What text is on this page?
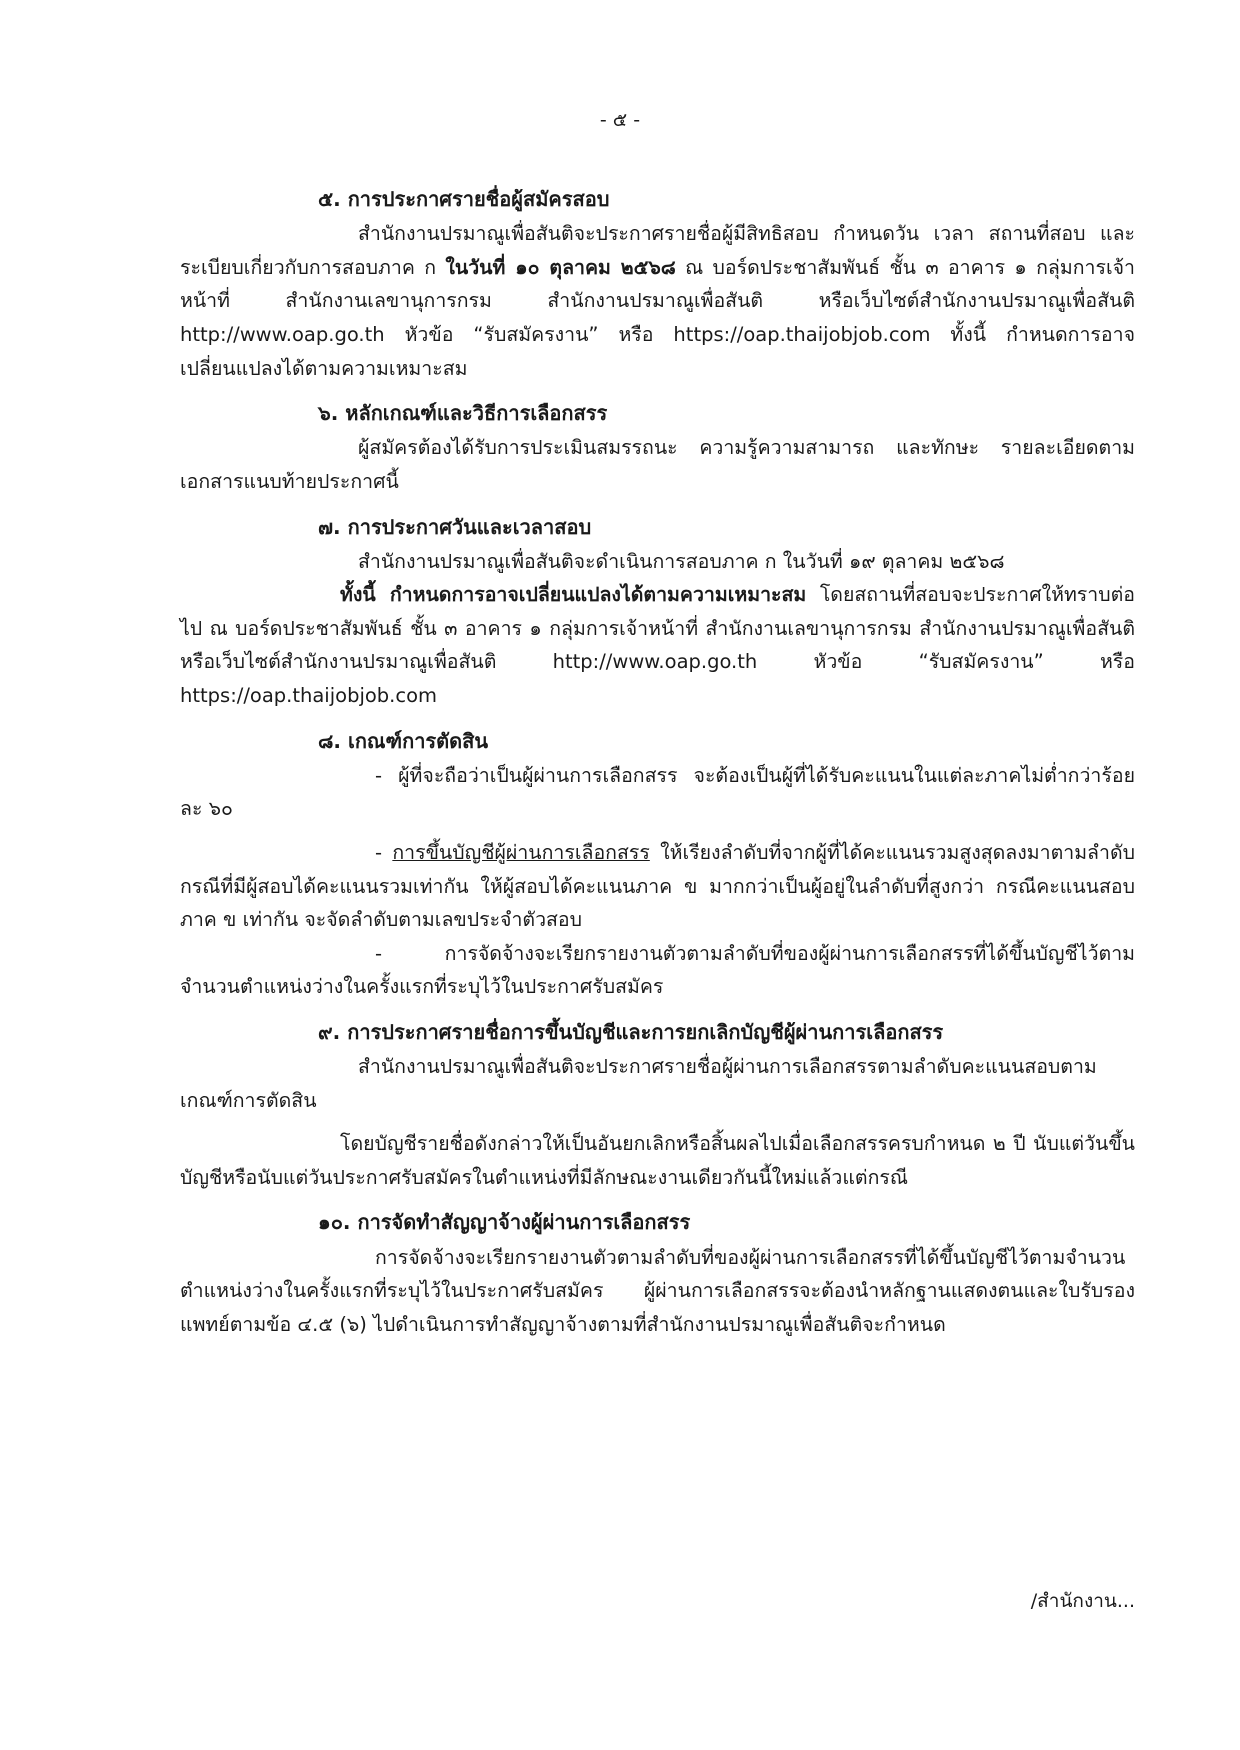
- ๕ -
๕. การประกาศรายชื่อผู้สมัครสอบ

สำนักงานปรมาณูเพื่อสันติจะประกาศรายชื่อผู้มีสิทธิสอบ กำหนดวัน เวลา สถานที่สอบ และระเบียบเกี่ยวกับการสอบภาค ก ในวันที่ ๑๐ ตุลาคม ๒๕๖๘ ณ บอร์ดประชาสัมพันธ์ ชั้น ๓ อาคาร ๑ กลุ่มการเจ้าหน้าที่ สำนักงานเลขานุการกรม สำนักงานปรมาณูเพื่อสันติ หรือเว็บไซต์สำนักงานปรมาณูเพื่อสันติ http://www.oap.go.th หัวข้อ “รับสมัครงาน” หรือ https://oap.thaijobjob.com ทั้งนี้ กำหนดการอาจเปลี่ยนแปลงได้ตามความเหมาะสม

๖. หลักเกณฑ์และวิธีการเลือกสรร

ผู้สมัครต้องได้รับการประเมินสมรรถนะ ความรู้ความสามารถ และทักษะ รายละเอียดตามเอกสารแนบท้ายประกาศนี้

๗. การประกาศวันและเวลาสอบ

สำนักงานปรมาณูเพื่อสันติจะดำเนินการสอบภาค ก ในวันที่ ๑๙ ตุลาคม ๒๕๖๘

ทั้งนี้ กำหนดการอาจเปลี่ยนแปลงได้ตามความเหมาะสม โดยสถานที่สอบจะประกาศให้ทราบต่อไป ณ บอร์ดประชาสัมพันธ์ ชั้น ๓ อาคาร ๑ กลุ่มการเจ้าหน้าที่ สำนักงานเลขานุการกรม สำนักงานปรมาณูเพื่อสันติหรือเว็บไซต์สำนักงานปรมาณูเพื่อสันติ http://www.oap.go.th หัวข้อ “รับสมัครงาน” หรือ https://oap.thaijobjob.com

๘. เกณฑ์การตัดสิน

- ผู้ที่จะถือว่าเป็นผู้ผ่านการเลือกสรร จะต้องเป็นผู้ที่ได้รับคะแนนในแต่ละภาคไม่ต่ำกว่าร้อยละ ๖๐

- การขึ้นบัญชีผู้ผ่านการเลือกสรร ให้เรียงลำดับที่จากผู้ที่ได้คะแนนรวมสูงสุดลงมาตามลำดับ กรณีที่มีผู้สอบได้คะแนนรวมเท่ากัน ให้ผู้สอบได้คะแนนภาค ข มากกว่าเป็นผู้อยู่ในลำดับที่สูงกว่า กรณีคะแนนสอบ ภาค ข เท่ากัน จะจัดลำดับตามเลขประจำตัวสอบ

- การจัดจ้างจะเรียกรายงานตัวตามลำดับที่ของผู้ผ่านการเลือกสรรที่ได้ขึ้นบัญชีไว้ตามจำนวนตำแหน่งว่างในครั้งแรกที่ระบุไว้ในประกาศรับสมัคร

๙. การประกาศรายชื่อการขึ้นบัญชีและการยกเลิกบัญชีผู้ผ่านการเลือกสรร

สำนักงานปรมาณูเพื่อสันติจะประกาศรายชื่อผู้ผ่านการเลือกสรรตามลำดับคะแนนสอบตามเกณฑ์การตัดสิน

โดยบัญชีรายชื่อดังกล่าวให้เป็นอันยกเลิกหรือสิ้นผลไปเมื่อเลือกสรรครบกำหนด ๒ ปี นับแต่วันขึ้นบัญชีหรือนับแต่วันประกาศรับสมัครในตำแหน่งที่มีลักษณะงานเดียวกันนี้ใหม่แล้วแต่กรณี

๑๐. การจัดทำสัญญาจ้างผู้ผ่านการเลือกสรร

การจัดจ้างจะเรียกรายงานตัวตามลำดับที่ของผู้ผ่านการเลือกสรรที่ได้ขึ้นบัญชีไว้ตามจำนวนตำแหน่งว่างในครั้งแรกที่ระบุไว้ในประกาศรับสมัคร ผู้ผ่านการเลือกสรรจะต้องนำหลักฐานแสดงตนและใบรับรองแพทย์ตามข้อ ๔.๕ (๖) ไปดำเนินการทำสัญญาจ้างตามที่สำนักงานปรมาณูเพื่อสันติจะกำหนด

/สำนักงาน...
